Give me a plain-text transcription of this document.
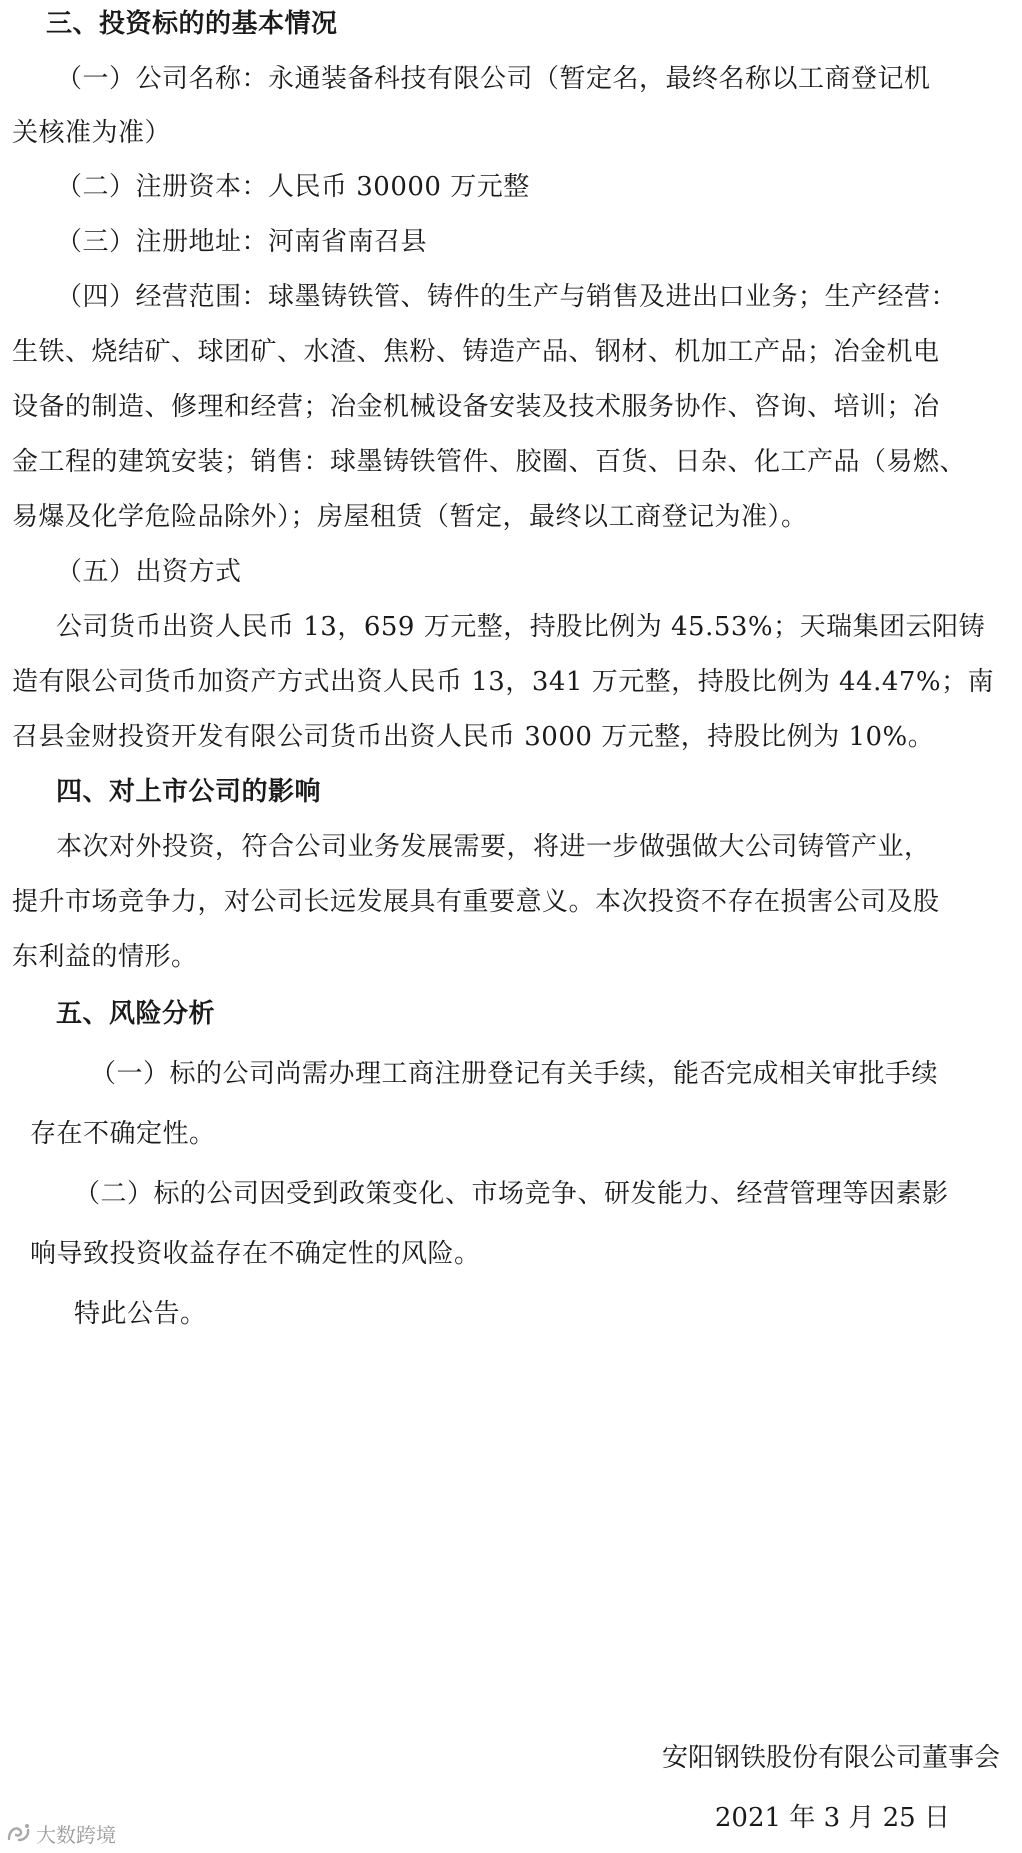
三、投资标的的基本情况

（一）公司名称：永通装备科技有限公司（暂定名，最终名称以工商登记机

关核准为准）

（二）注册资本：人民币 30000 万元整

（三）注册地址：河南省南召县

（四）经营范围：球墨铸铁管、铸件的生产与销售及进出口业务；生产经营：

生铁、烧结矿、球团矿、水渣、焦粉、铸造产品、钢材、机加工产品；冶金机电

设备的制造、修理和经营；冶金机械设备安装及技术服务协作、咨询、培训；冶

金工程的建筑安装；销售：球墨铸铁管件、胶圈、百货、日杂、化工产品（易燃、

易爆及化学危险品除外）；房屋租赁（暂定，最终以工商登记为准）。

（五）出资方式

公司货币出资人民币 13，659 万元整，持股比例为 45.53%；天瑞集团云阳铸

造有限公司货币加资产方式出资人民币 13，341 万元整，持股比例为 44.47%；南

召县金财投资开发有限公司货币出资人民币 3000 万元整，持股比例为 10%。

四、对上市公司的影响

本次对外投资，符合公司业务发展需要，将进一步做强做大公司铸管产业，

提升市场竞争力，对公司长远发展具有重要意义。本次投资不存在损害公司及股

东利益的情形。

五、风险分析

（一）标的公司尚需办理工商注册登记有关手续，能否完成相关审批手续

存在不确定性。

（二）标的公司因受到政策变化、市场竞争、研发能力、经营管理等因素影

响导致投资收益存在不确定性的风险。

特此公告。

安阳钢铁股份有限公司董事会
2021 年 3 月 25 日
大数跨境
